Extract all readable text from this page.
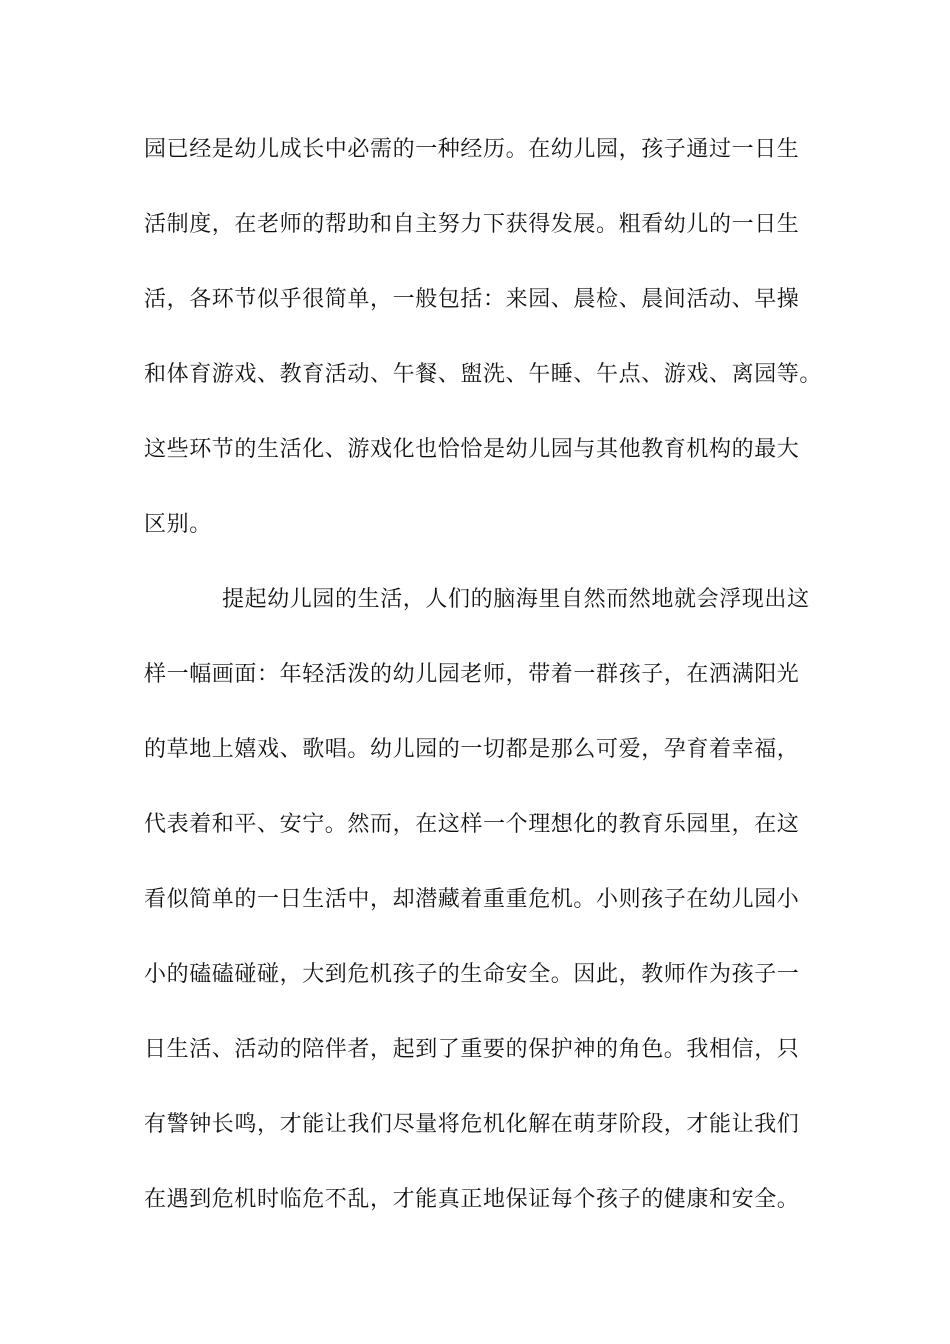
园已经是幼儿成长中必需的一种经历。在幼儿园，孩子通过一日生
活制度，在老师的帮助和自主努力下获得发展。粗看幼儿的一日生
活，各环节似乎很简单，一般包括：来园、晨检、晨间活动、早操
和体育游戏、教育活动、午餐、盥洗、午睡、午点、游戏、离园等。
这些环节的生活化、游戏化也恰恰是幼儿园与其他教育机构的最大
区别。
提起幼儿园的生活，人们的脑海里自然而然地就会浮现出这
样一幅画面：年轻活泼的幼儿园老师，带着一群孩子，在洒满阳光
的草地上嬉戏、歌唱。幼儿园的一切都是那么可爱，孕育着幸福，
代表着和平、安宁。然而，在这样一个理想化的教育乐园里，在这
看似简单的一日生活中，却潜藏着重重危机。小则孩子在幼儿园小
小的磕磕碰碰，大到危机孩子的生命安全。因此，教师作为孩子一
日生活、活动的陪伴者，起到了重要的保护神的角色。我相信，只
有警钟长鸣，才能让我们尽量将危机化解在萌芽阶段，才能让我们
在遇到危机时临危不乱，才能真正地保证每个孩子的健康和安全。
